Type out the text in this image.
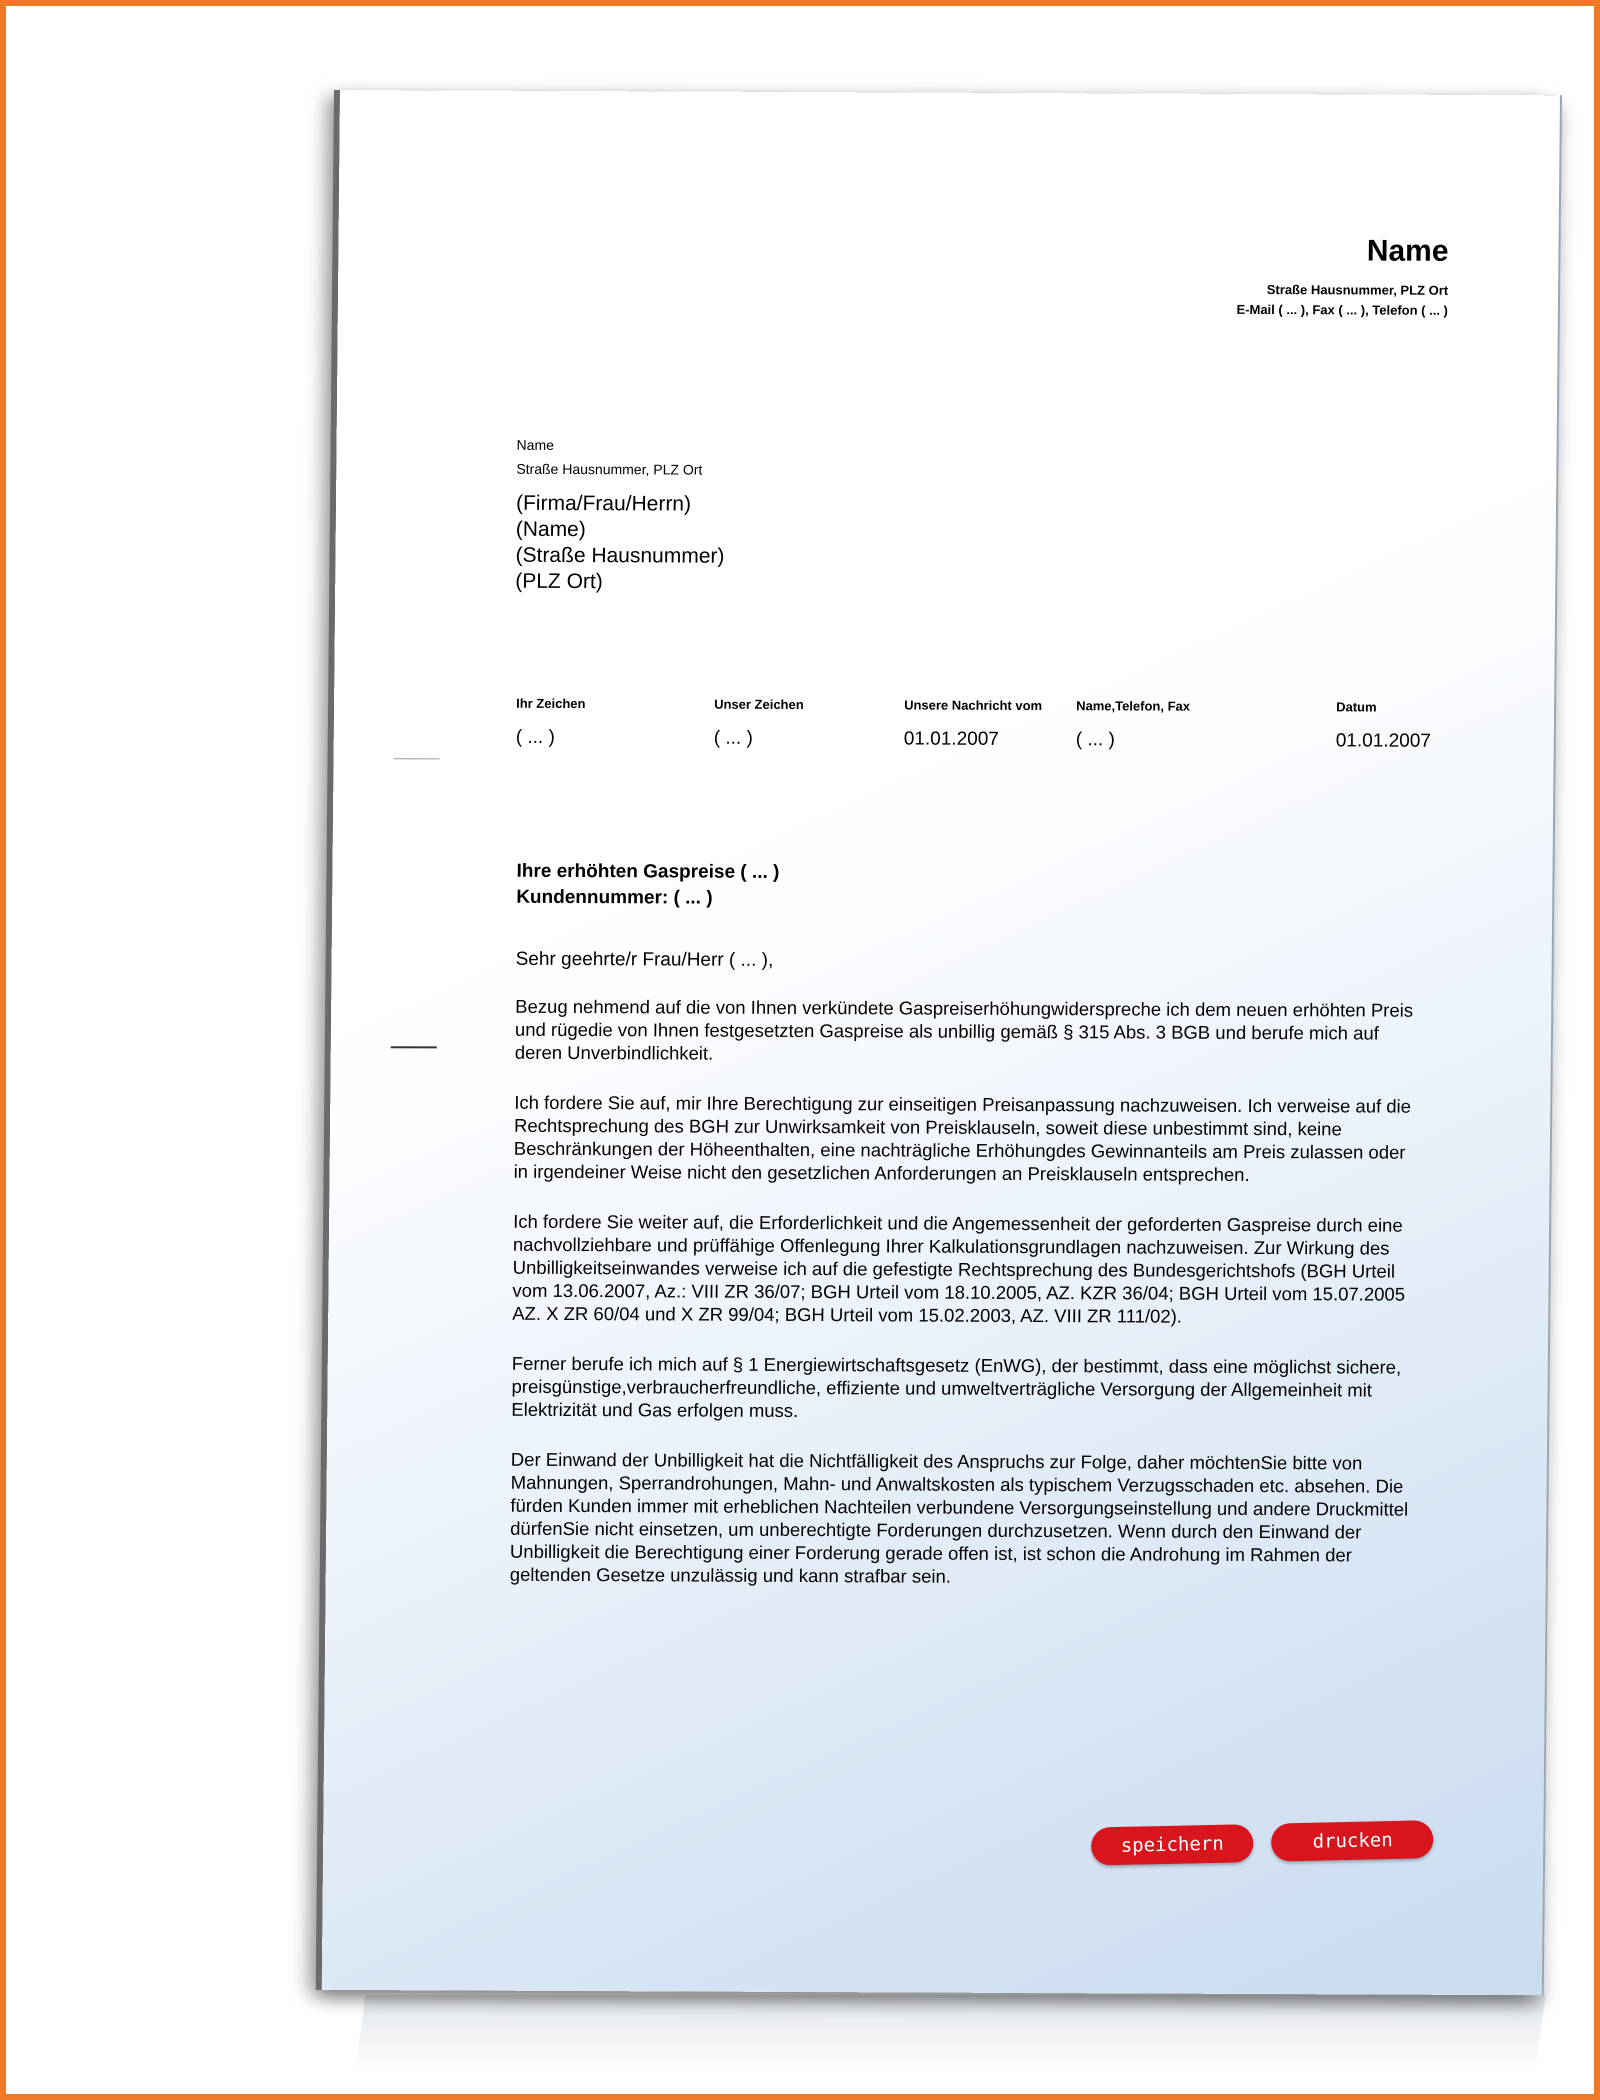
Name
Straße Hausnummer, PLZ Ort
E-Mail ( ... ), Fax ( ... ), Telefon ( ... )
Name
Straße Hausnummer, PLZ Ort
(Firma/Frau/Herrn)
(Name)
(Straße Hausnummer)
(PLZ Ort)
Ihr Zeichen
( ... )
Unser Zeichen
( ... )
Unsere Nachricht vom
01.01.2007
Name,Telefon, Fax
( ... )
Datum
01.01.2007
Ihre erhöhten Gaspreise ( ... )
Kundennummer: ( ... )
Sehr geehrte/r Frau/Herr ( ... ),

Bezug nehmend auf die von Ihnen verkündete Gaspreiserhöhungwiderspreche ich dem neuen erhöhten Preis und rügedie von Ihnen festgesetzten Gaspreise als unbillig gemäß § 315 Abs. 3 BGB und berufe mich auf deren Unverbindlichkeit.

Ich fordere Sie auf, mir Ihre Berechtigung zur einseitigen Preisanpassung nachzuweisen. Ich verweise auf die Rechtsprechung des BGH zur Unwirksamkeit von Preisklauseln, soweit diese unbestimmt sind, keine Beschränkungen der Höheenthalten, eine nachträgliche Erhöhungdes Gewinnanteils am Preis zulassen oder in irgendeiner Weise nicht den gesetzlichen Anforderungen an Preisklauseln entsprechen.

Ich fordere Sie weiter auf, die Erforderlichkeit und die Angemessenheit der geforderten Gaspreise durch eine nachvollziehbare und prüffähige Offenlegung Ihrer Kalkulationsgrundlagen nachzuweisen. Zur Wirkung des Unbilligkeitseinwandes verweise ich auf die gefestigte Rechtsprechung des Bundesgerichtshofs (BGH Urteil vom 13.06.2007, Az.: VIII ZR 36/07; BGH Urteil vom 18.10.2005, AZ. KZR 36/04; BGH Urteil vom 15.07.2005 AZ. X ZR 60/04 und X ZR 99/04; BGH Urteil vom 15.02.2003, AZ. VIII ZR 111/02).

Ferner berufe ich mich auf § 1 Energiewirtschaftsgesetz (EnWG), der bestimmt, dass eine möglichst sichere, preisgünstige,verbraucherfreundliche, effiziente und umweltverträgliche Versorgung der Allgemeinheit mit Elektrizität und Gas erfolgen muss.

Der Einwand der Unbilligkeit hat die Nichtfälligkeit des Anspruchs zur Folge, daher möchtenSie bitte von Mahnungen, Sperrandrohungen, Mahn- und Anwaltskosten als typischem Verzugsschaden etc. absehen. Die fürden Kunden immer mit erheblichen Nachteilen verbundene Versorgungseinstellung und andere Druckmittel dürfenSie nicht einsetzen, um unberechtigte Forderungen durchzusetzen. Wenn durch den Einwand der Unbilligkeit die Berechtigung einer Forderung gerade offen ist, ist schon die Androhung im Rahmen der geltenden Gesetze unzulässig und kann strafbar sein.

speichern	drucken
